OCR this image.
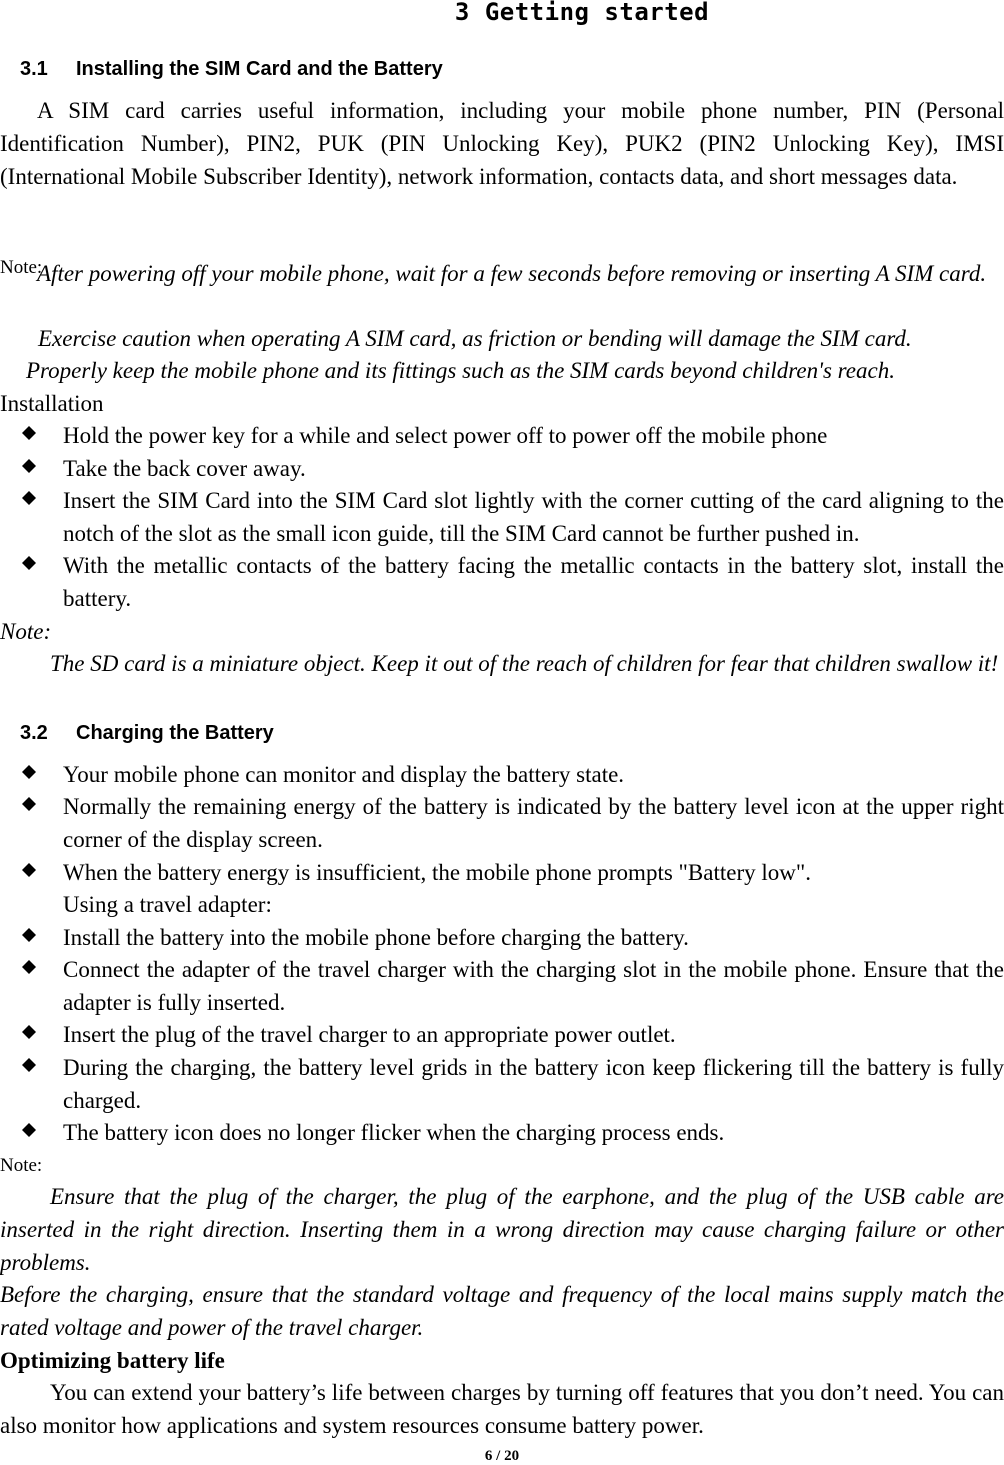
3 Getting started
3.1 Installing the SIM Card and the Battery
A SIM card carries useful information, including your mobile phone number, PIN (Personal Identification Number), PIN2, PUK (PIN Unlocking Key), PUK2 (PIN2 Unlocking Key), IMSI (International Mobile Subscriber Identity), network information, contacts data, and short messages data.
Note:
After powering off your mobile phone, wait for a few seconds before removing or inserting A SIM card.
Exercise caution when operating A SIM card, as friction or bending will damage the SIM card.
Properly keep the mobile phone and its fittings such as the SIM cards beyond children's reach.
Installation
Hold the power key for a while and select power off to power off the mobile phone
Take the back cover away.
Insert the SIM Card into the SIM Card slot lightly with the corner cutting of the card aligning to the notch of the slot as the small icon guide, till the SIM Card cannot be further pushed in.
With the metallic contacts of the battery facing the metallic contacts in the battery slot, install the battery.
Note:
The SD card is a miniature object. Keep it out of the reach of children for fear that children swallow it!
3.2 Charging the Battery
Your mobile phone can monitor and display the battery state.
Normally the remaining energy of the battery is indicated by the battery level icon at the upper right corner of the display screen.
When the battery energy is insufficient, the mobile phone prompts "Battery low".
Using a travel adapter:
Install the battery into the mobile phone before charging the battery.
Connect the adapter of the travel charger with the charging slot in the mobile phone. Ensure that the adapter is fully inserted.
Insert the plug of the travel charger to an appropriate power outlet.
During the charging, the battery level grids in the battery icon keep flickering till the battery is fully charged.
The battery icon does no longer flicker when the charging process ends.
Note:
Ensure that the plug of the charger, the plug of the earphone, and the plug of the USB cable are inserted in the right direction. Inserting them in a wrong direction may cause charging failure or other problems.
Before the charging, ensure that the standard voltage and frequency of the local mains supply match the rated voltage and power of the travel charger.
Optimizing battery life
You can extend your battery’s life between charges by turning off features that you don’t need. You can also monitor how applications and system resources consume battery power.
6 / 20
